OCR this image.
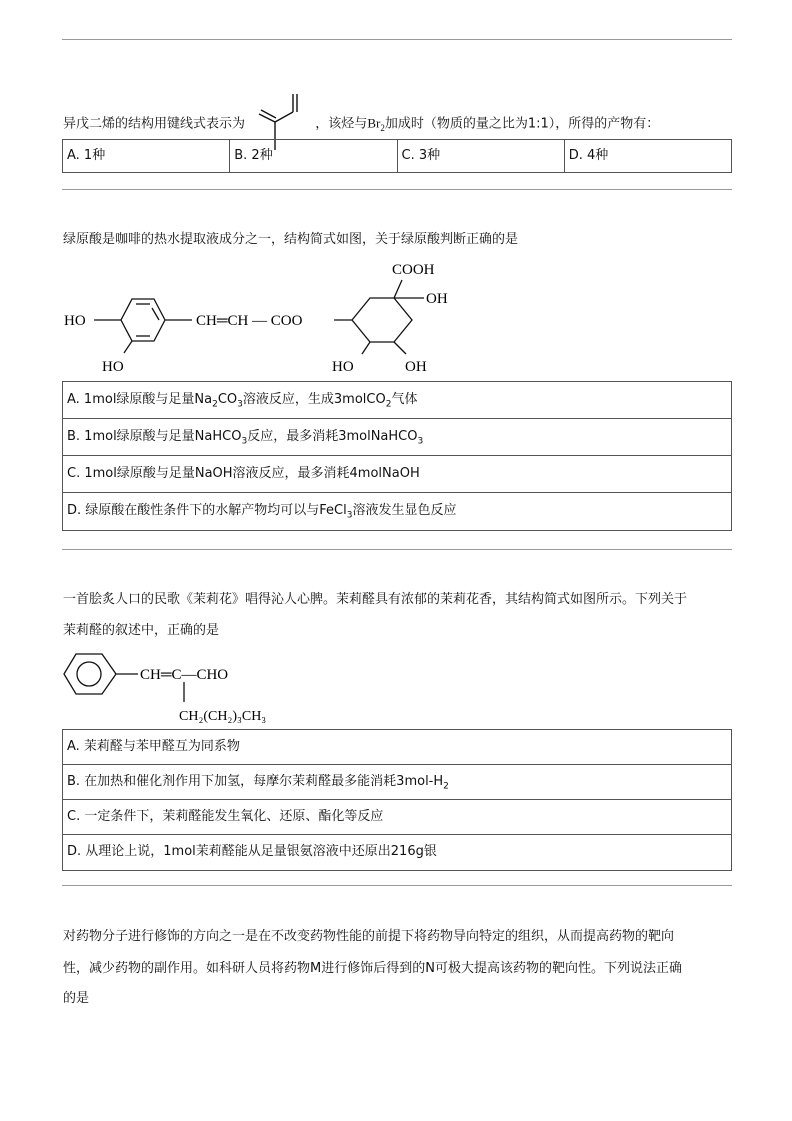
异戊二烯的结构用键线式表示为	，该烃与$Br_2$加成时（物质的量之比为1:1），所得的产物有：
A. 1种	B. 2种	C. 3种	D. 4种
绿原酸是咖啡的热水提取液成分之一，结构简式如图，关于绿原酸判断正确的是
HO
HO
CH═CH — COO
COOH
OH
HO	OH
A. 1mol绿原酸与足量$Na_2CO_3$溶液反应，生成3molCO$_2$气体
B. 1mol绿原酸与足量NaHCO$_3$反应，最多消耗3molNaHCO$_3$
C. 1mol绿原酸与足量NaOH溶液反应，最多消耗4molNaOH
D. 绿原酸在酸性条件下的水解产物均可以与FeCl$_3$溶液发生显色反应
一首脍炙人口的民歌《茉莉花》唱得沁人心脾。茉莉醛具有浓郁的茉莉花香，其结构简式如图所示。下列关于
茉莉醛的叙述中，正确的是
CH═C—CHO
CH₂(CH₂)₃CH₃
A. 茉莉醛与苯甲醛互为同系物
B. 在加热和催化剂作用下加氢，每摩尔茉莉醛最多能消耗$3mol-H_2$
C. 一定条件下，茉莉醛能发生氧化、还原、酯化等反应
D. 从理论上说，1mol茉莉醛能从足量银氨溶液中还原出216g银
对药物分子进行修饰的方向之一是在不改变药物性能的前提下将药物导向特定的组织，从而提高药物的靶向
性，减少药物的副作用。如科研人员将药物M进行修饰后得到的N可极大提高该药物的靶向性。下列说法正确
的是
